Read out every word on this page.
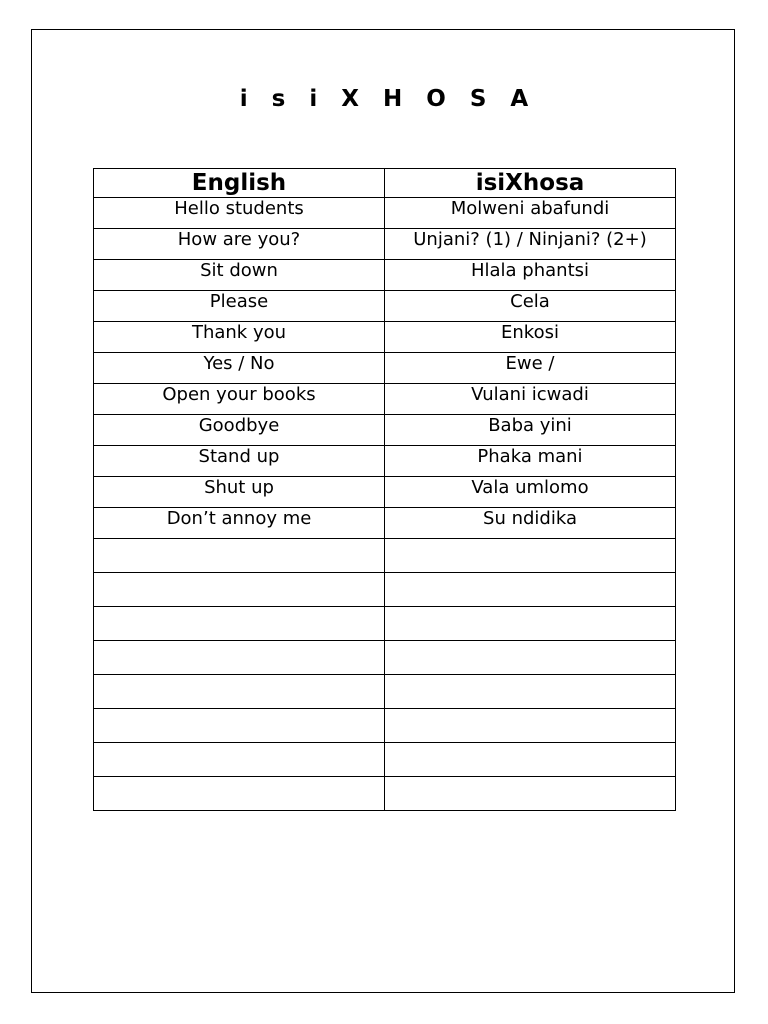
i s i X H O S A
English	isiXhosa
Hello students	Molweni abafundi
How are you?	Unjani? (1) / Ninjani? (2+)
Sit down	Hlala phantsi
Please	Cela
Thank you	Enkosi
Yes / No	Ewe /
Open your books	Vulani icwadi
Goodbye	Baba yini
Stand up	Phaka mani
Shut up	Vala umlomo
Don’t annoy me	Su ndidika
